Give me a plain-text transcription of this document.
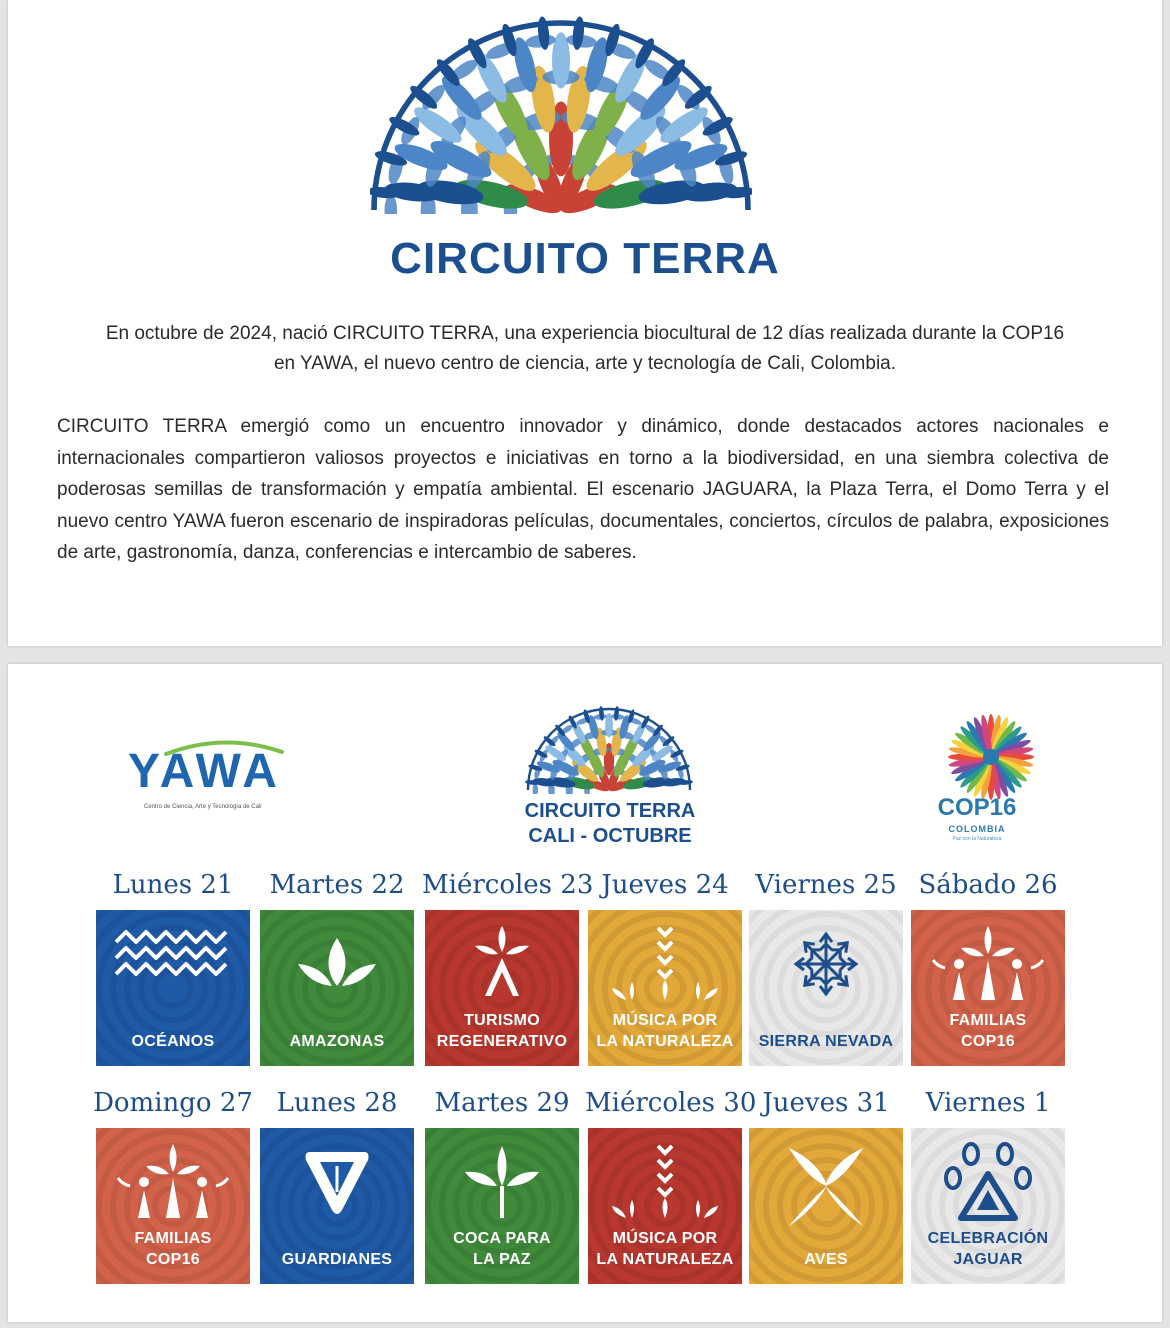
CIRCUITO TERRA
En octubre de 2024, nació CIRCUITO TERRA, una experiencia biocultural de 12 días realizada durante la COP16
en YAWA, el nuevo centro de ciencia, arte y tecnología de Cali, Colombia.
CIRCUITO TERRA emergió como un encuentro innovador y dinámico, donde destacados actores nacionales e internacionales compartieron valiosos proyectos e iniciativas en torno a la biodiversidad, en una siembra colectiva de poderosas semillas de transformación y empatía ambiental. El escenario JAGUARA, la Plaza Terra, el Domo Terra y el nuevo centro YAWA fueron escenario de inspiradoras películas, documentales, conciertos, círculos de palabra, exposiciones de arte, gastronomía, danza, conferencias e intercambio de saberes.
YAWA
Centro de Ciencia, Arte y Tecnología de Cali	CIRCUITO TERRA
CALI - OCTUBRE
COP16
COLOMBIA
Paz con la Naturaleza
Lunes 21
OCÉANOS
Martes 22
AMAZONAS
Miércoles 23
TURISMO
REGENERATIVO
Jueves 24
MÚSICA POR
LA NATURALEZA
Viernes 25
SIERRA NEVADA
Sábado 26
FAMILIAS
COP16
Domingo 27
FAMILIAS
COP16
Lunes 28
GUARDIANES
Martes 29
COCA PARA
LA PAZ
Miércoles 30
MÚSICA POR
LA NATURALEZA
Jueves 31
AVES
Viernes 1
CELEBRACIÓN
JAGUAR
